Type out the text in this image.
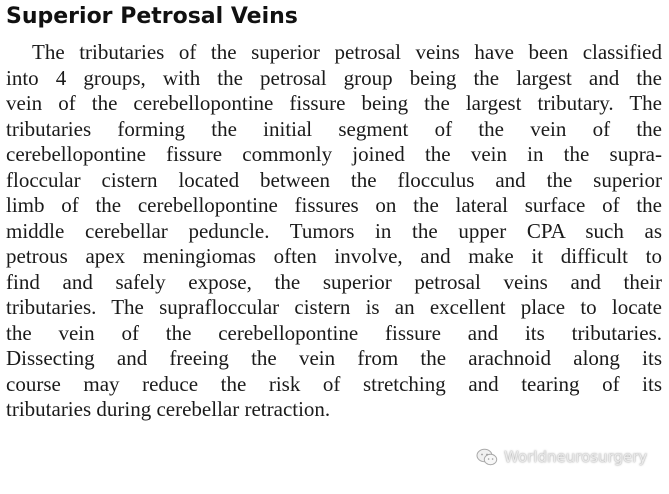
Superior Petrosal Veins
The tributaries of the superior petrosal veins have been classified
into 4 groups, with the petrosal group being the largest and the
vein of the cerebellopontine fissure being the largest tributary. The
tributaries forming the initial segment of the vein of the
cerebellopontine fissure commonly joined the vein in the supra-
floccular cistern located between the flocculus and the superior
limb of the cerebellopontine fissures on the lateral surface of the
middle cerebellar peduncle. Tumors in the upper CPA such as
petrous apex meningiomas often involve, and make it difficult to
find and safely expose, the superior petrosal veins and their
tributaries. The suprafloccular cistern is an excellent place to locate
the vein of the cerebellopontine fissure and its tributaries.
Dissecting and freeing the vein from the arachnoid along its
course may reduce the risk of stretching and tearing of its
tributaries during cerebellar retraction.
Worldneurosurgery
